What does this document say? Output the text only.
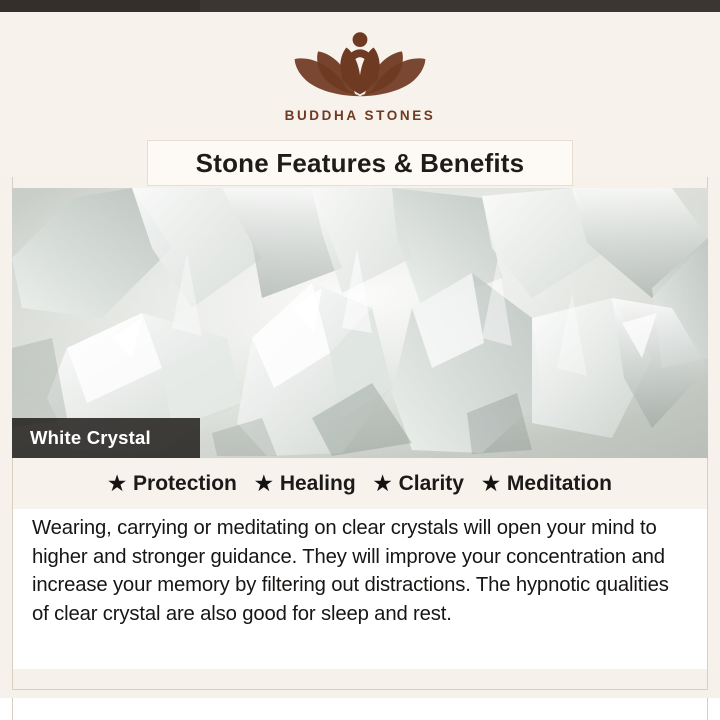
BUDDHA STONES
Stone Features & Benefits
White Crystal
★ Protection ★ Healing ★ Clarity ★ Meditation

Wearing, carrying or meditating on clear crystals will open your mind to higher and stronger guidance. They will improve your concentration and increase your memory by filtering out distractions. The hypnotic qualities of clear crystal are also good for sleep and rest.
